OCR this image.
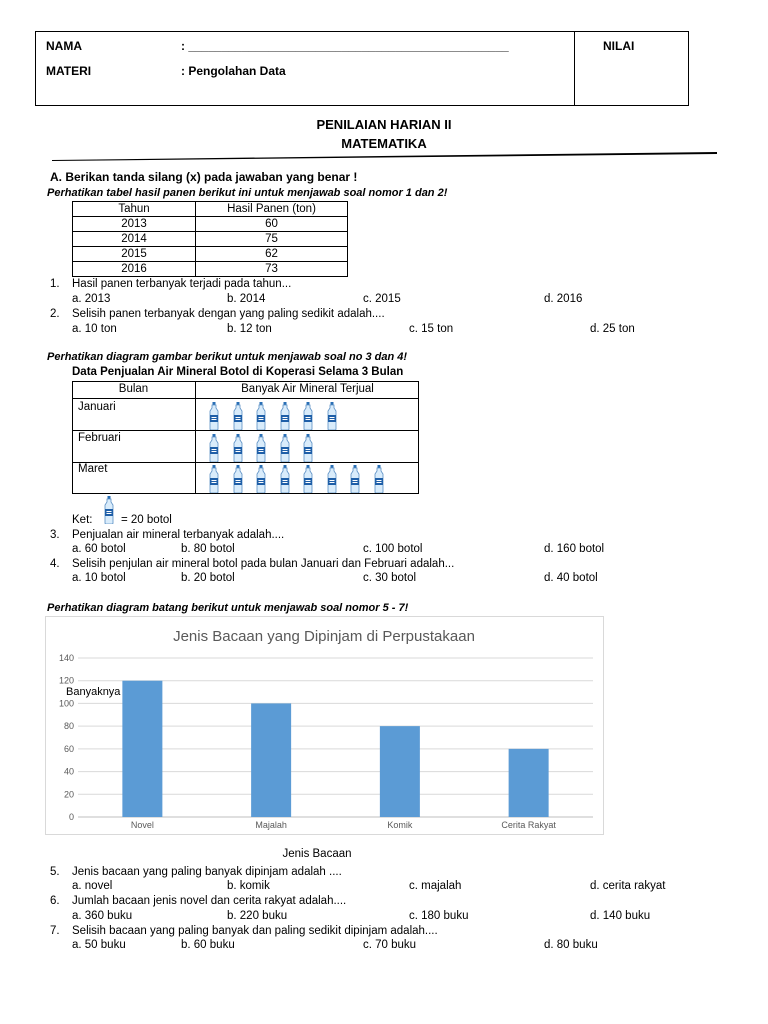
NAMA	: ________________________________________________
MATERI	: Pengolahan Data
NILAI
PENILAIAN HARIAN II
MATEMATIKA
A. Berikan tanda silang (x) pada jawaban yang benar !
Perhatikan tabel hasil panen berikut ini untuk menjawab soal nomor 1 dan 2!
Tahun	Hasil Panen (ton)
2013	60
2014	75
2015	62
2016	73
1. Hasil panen terbanyak terjadi pada tahun...
a. 2013	b. 2014	c. 2015	d. 2016
2. Selisih panen terbanyak dengan yang paling sedikit adalah....
a. 10 ton	b. 12 ton	c. 15 ton	d. 25 ton
Perhatikan diagram gambar berikut untuk menjawab soal no 3 dan 4!
Data Penjualan Air Mineral Botol di Koperasi Selama 3 Bulan
Bulan	Banyak Air Mineral Terjual
Januari
Februari
Maret
Ket: = 20 botol
3. Penjualan air mineral terbanyak adalah....
a. 60 botol	b. 80 botol	c. 100 botol	d. 160 botol
4. Selisih penjulan air mineral botol pada bulan Januari dan Februari adalah...
a. 10 botol	b. 20 botol	c. 30 botol	d. 40 botol
Perhatikan diagram batang berikut untuk menjawab soal nomor 5 - 7!
Jenis Bacaan yang Dipinjam di Perpustakaan
0
20
40
60
80
100
120
140
Novel	Majalah	Komik	Cerita Rakyat
Banyaknya
Jenis Bacaan
5. Jenis bacaan yang paling banyak dipinjam adalah ....
a. novel	b. komik	c. majalah	d. cerita rakyat
6. Jumlah bacaan jenis novel dan cerita rakyat adalah....
a. 360 buku	b. 220 buku	c. 180 buku	d. 140 buku
7. Selisih bacaan yang paling banyak dan paling sedikit dipinjam adalah....
a. 50 buku	b. 60 buku	c. 70 buku	d. 80 buku
